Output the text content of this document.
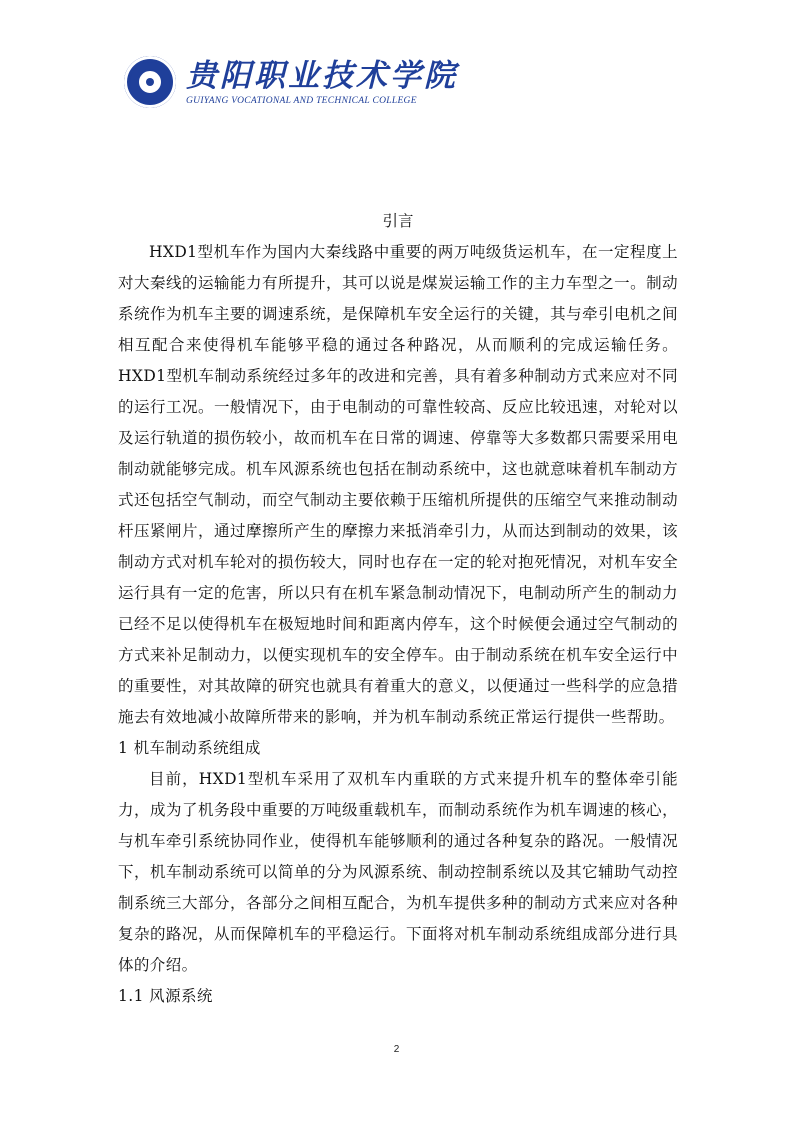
贵阳职业技术学院
GUIYANG VOCATIONAL AND TECHNICAL COLLEGE

引言

HXD1型机车作为国内大秦线路中重要的两万吨级货运机车，在一定程度上对大秦线的运输能力有所提升，其可以说是煤炭运输工作的主力车型之一。制动系统作为机车主要的调速系统，是保障机车安全运行的关键，其与牵引电机之间相互配合来使得机车能够平稳的通过各种路况，从而顺利的完成运输任务。HXD1型机车制动系统经过多年的改进和完善，具有着多种制动方式来应对不同的运行工况。一般情况下，由于电制动的可靠性较高、反应比较迅速，对轮对以及运行轨道的损伤较小，故而机车在日常的调速、停靠等大多数都只需要采用电制动就能够完成。机车风源系统也包括在制动系统中，这也就意味着机车制动方式还包括空气制动，而空气制动主要依赖于压缩机所提供的压缩空气来推动制动杆压紧闸片，通过摩擦所产生的摩擦力来抵消牵引力，从而达到制动的效果，该制动方式对机车轮对的损伤较大，同时也存在一定的轮对抱死情况，对机车安全运行具有一定的危害，所以只有在机车紧急制动情况下，电制动所产生的制动力已经不足以使得机车在极短地时间和距离内停车，这个时候便会通过空气制动的方式来补足制动力，以便实现机车的安全停车。由于制动系统在机车安全运行中的重要性，对其故障的研究也就具有着重大的意义，以便通过一些科学的应急措施去有效地减小故障所带来的影响，并为机车制动系统正常运行提供一些帮助。

1 机车制动系统组成

目前，HXD1型机车采用了双机车内重联的方式来提升机车的整体牵引能力，成为了机务段中重要的万吨级重载机车，而制动系统作为机车调速的核心，与机车牵引系统协同作业，使得机车能够顺利的通过各种复杂的路况。一般情况下，机车制动系统可以简单的分为风源系统、制动控制系统以及其它辅助气动控制系统三大部分，各部分之间相互配合，为机车提供多种的制动方式来应对各种复杂的路况，从而保障机车的平稳运行。下面将对机车制动系统组成部分进行具体的介绍。

1.1 风源系统

2
